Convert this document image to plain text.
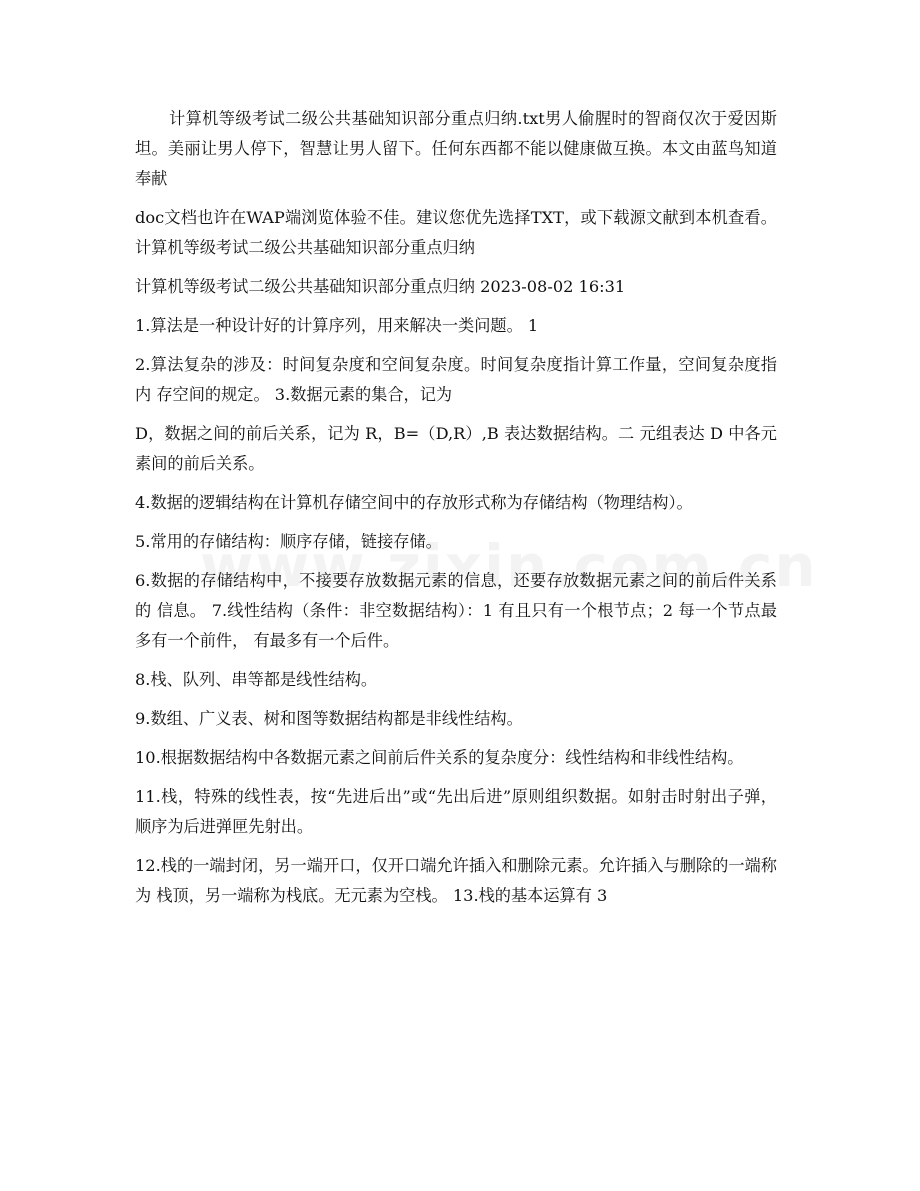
计算机等级考试二级公共基础知识部分重点归纳.txt男人偷腥时的智商仅次于爱因斯坦。美丽让男人停下，智慧让男人留下。任何东西都不能以健康做互换。本文由蓝鸟知道奉献

doc文档也许在WAP端浏览体验不佳。建议您优先选择TXT，或下载源文献到本机查看。 计算机等级考试二级公共基础知识部分重点归纳

计算机等级考试二级公共基础知识部分重点归纳 2023-08-02 16:31

1.算法是一种设计好的计算序列，用来解决一类问题。 1

2.算法复杂的涉及：时间复杂度和空间复杂度。时间复杂度指计算工作量，空间复杂度指内 存空间的规定。 3.数据元素的集合，记为

D，数据之间的前后关系，记为 R，B=（D,R）,B 表达数据结构。二 元组表达 D 中各元素间的前后关系。

4.数据的逻辑结构在计算机存储空间中的存放形式称为存储结构（物理结构）。

5.常用的存储结构：顺序存储，链接存储。

6.数据的存储结构中，不接要存放数据元素的信息，还要存放数据元素之间的前后件关系的 信息。 7.线性结构（条件：非空数据结构）：1 有且只有一个根节点；2 每一个节点最多有一个前件， 有最多有一个后件。

8.栈、队列、串等都是线性结构。

9.数组、广义表、树和图等数据结构都是非线性结构。

10.根据数据结构中各数据元素之间前后件关系的复杂度分：线性结构和非线性结构。

11.栈，特殊的线性表，按“先进后出”或“先出后进”原则组织数据。如射击时射出子弹， 顺序为后进弹匣先射出。

12.栈的一端封闭，另一端开口，仅开口端允许插入和删除元素。允许插入与删除的一端称为 栈顶，另一端称为栈底。无元素为空栈。 13.栈的基本运算有 3
